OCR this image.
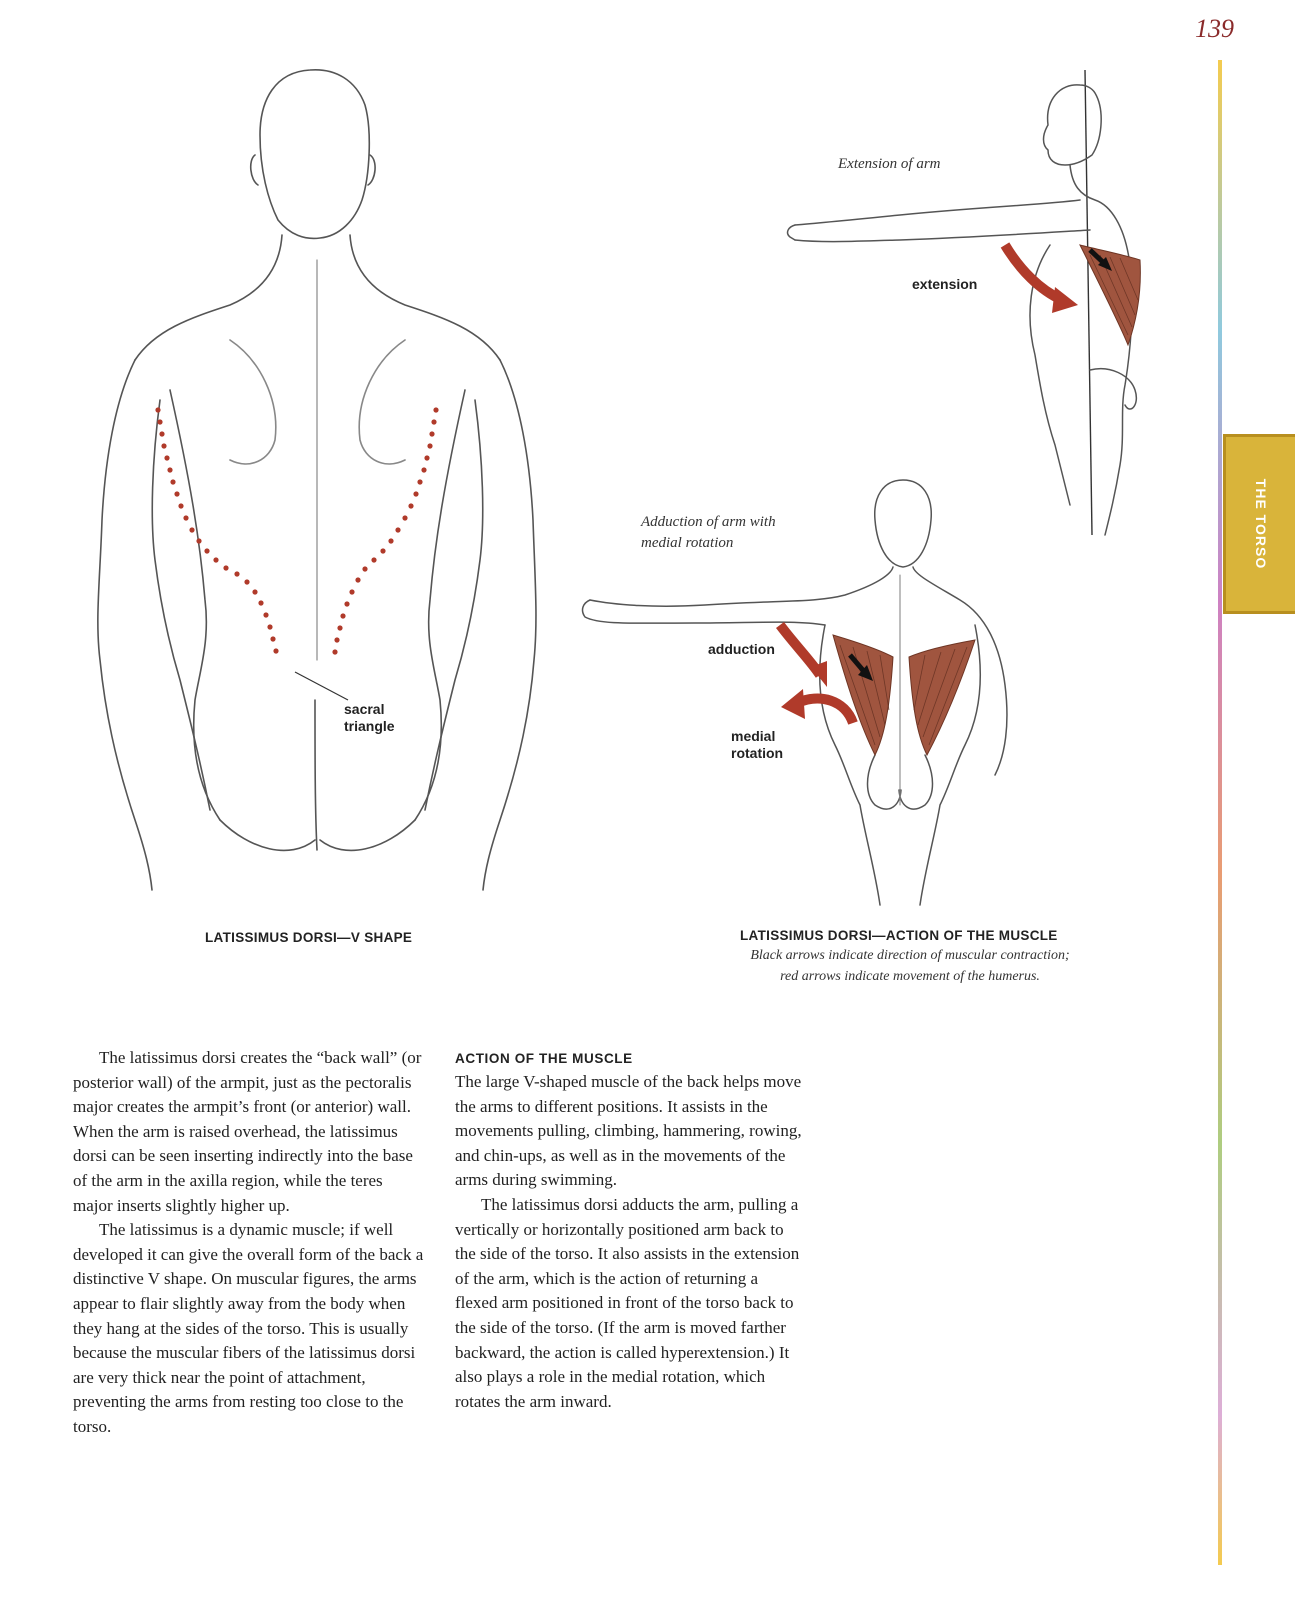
139
THE TORSO
sacral
triangle
LATISSIMUS DORSI—V SHAPE
Extension of arm
extension
Adduction of arm with
medial rotation
adduction
medial
rotation
LATISSIMUS DORSI—ACTION OF THE MUSCLE
Black arrows indicate direction of muscular contraction;
red arrows indicate movement of the humerus.

The latissimus dorsi creates the “back wall” (or posterior wall) of the armpit, just as the pectoralis major creates the armpit’s front (or anterior) wall. When the arm is raised overhead, the latissimus dorsi can be seen inserting indirectly into the base of the arm in the axilla region, while the teres major inserts slightly higher up.

The latissimus is a dynamic muscle; if well developed it can give the overall form of the back a distinctive V shape. On muscular figures, the arms appear to flair slightly away from the body when they hang at the sides of the torso. This is usually because the muscular fibers of the latissimus dorsi are very thick near the point of attachment, preventing the arms from resting too close to the torso.

ACTION OF THE MUSCLE

The large V-shaped muscle of the back helps move the arms to different positions. It assists in the movements pulling, climbing, hammering, rowing, and chin-ups, as well as in the movements of the arms during swimming.

The latissimus dorsi adducts the arm, pulling a vertically or horizontally positioned arm back to the side of the torso. It also assists in the extension of the arm, which is the action of returning a flexed arm positioned in front of the torso back to the side of the torso. (If the arm is moved farther backward, the action is called hyperextension.) It also plays a role in the medial rotation, which rotates the arm inward.
